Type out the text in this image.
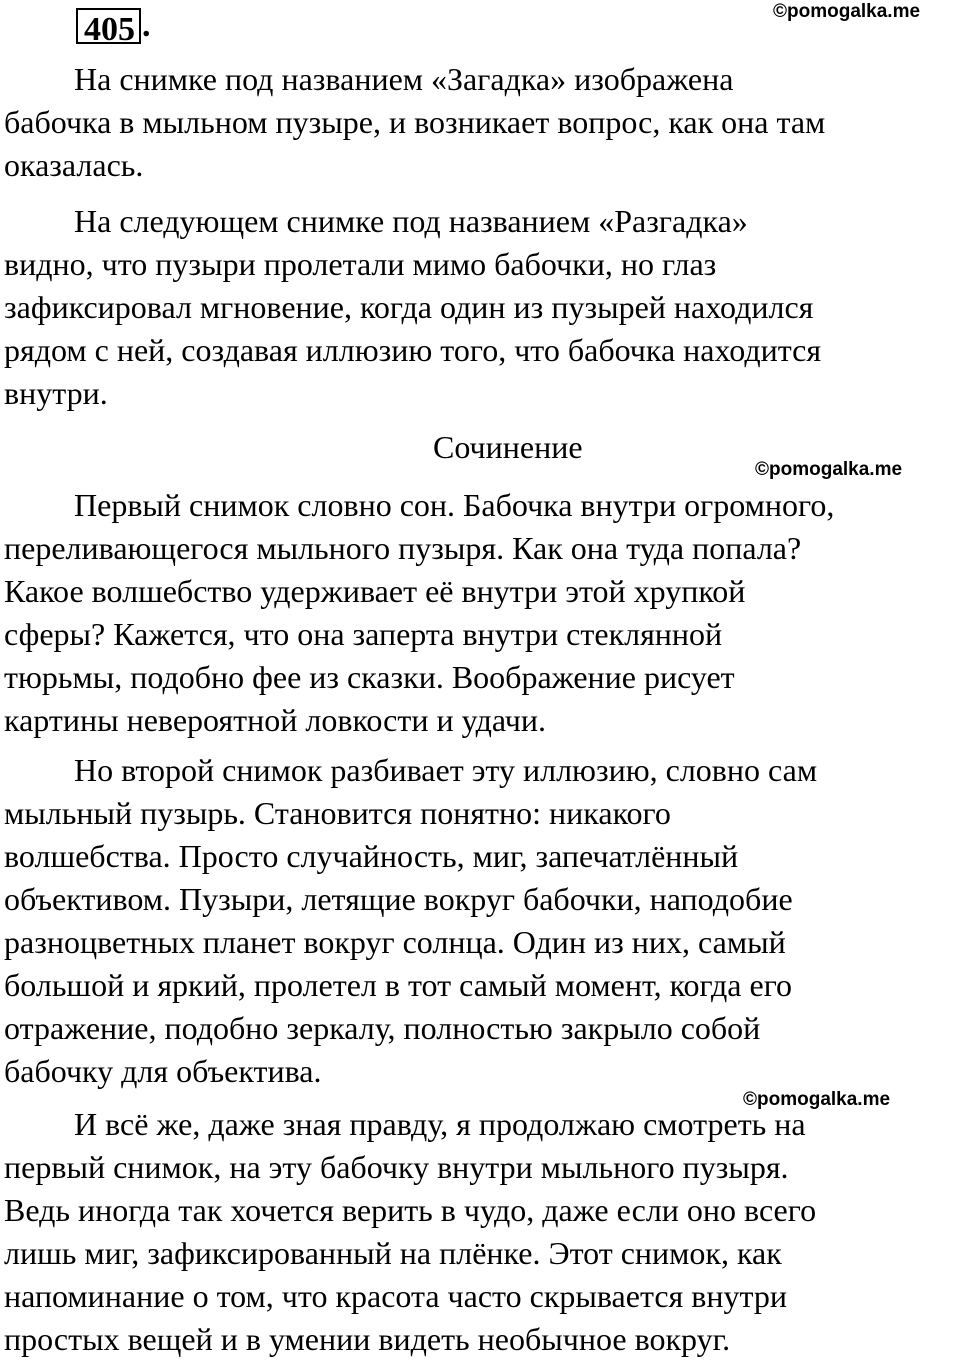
405 .	©pomogalka.me

На снимке под названием «Загадка» изображена
бабочка в мыльном пузыре, и возникает вопрос, как она там
оказалась.

На следующем снимке под названием «Разгадка»
видно, что пузыри пролетали мимо бабочки, но глаз
зафиксировал мгновение, когда один из пузырей находился
рядом с ней, создавая иллюзию того, что бабочка находится
внутри.

Сочинение
©pomogalka.me

Первый снимок словно сон. Бабочка внутри огромного,
переливающегося мыльного пузыря. Как она туда попала?
Какое волшебство удерживает её внутри этой хрупкой
сферы? Кажется, что она заперта внутри стеклянной
тюрьмы, подобно фее из сказки. Воображение рисует
картины невероятной ловкости и удачи.

Но второй снимок разбивает эту иллюзию, словно сам
мыльный пузырь. Становится понятно: никакого
волшебства. Просто случайность, миг, запечатлённый
объективом. Пузыри, летящие вокруг бабочки, наподобие
разноцветных планет вокруг солнца. Один из них, самый
большой и яркий, пролетел в тот самый момент, когда его
отражение, подобно зеркалу, полностью закрыло собой
бабочку для объектива.

©pomogalka.me

И всё же, даже зная правду, я продолжаю смотреть на
первый снимок, на эту бабочку внутри мыльного пузыря.
Ведь иногда так хочется верить в чудо, даже если оно всего
лишь миг, зафиксированный на плёнке. Этот снимок, как
напоминание о том, что красота часто скрывается внутри
простых вещей и в умении видеть необычное вокруг.
